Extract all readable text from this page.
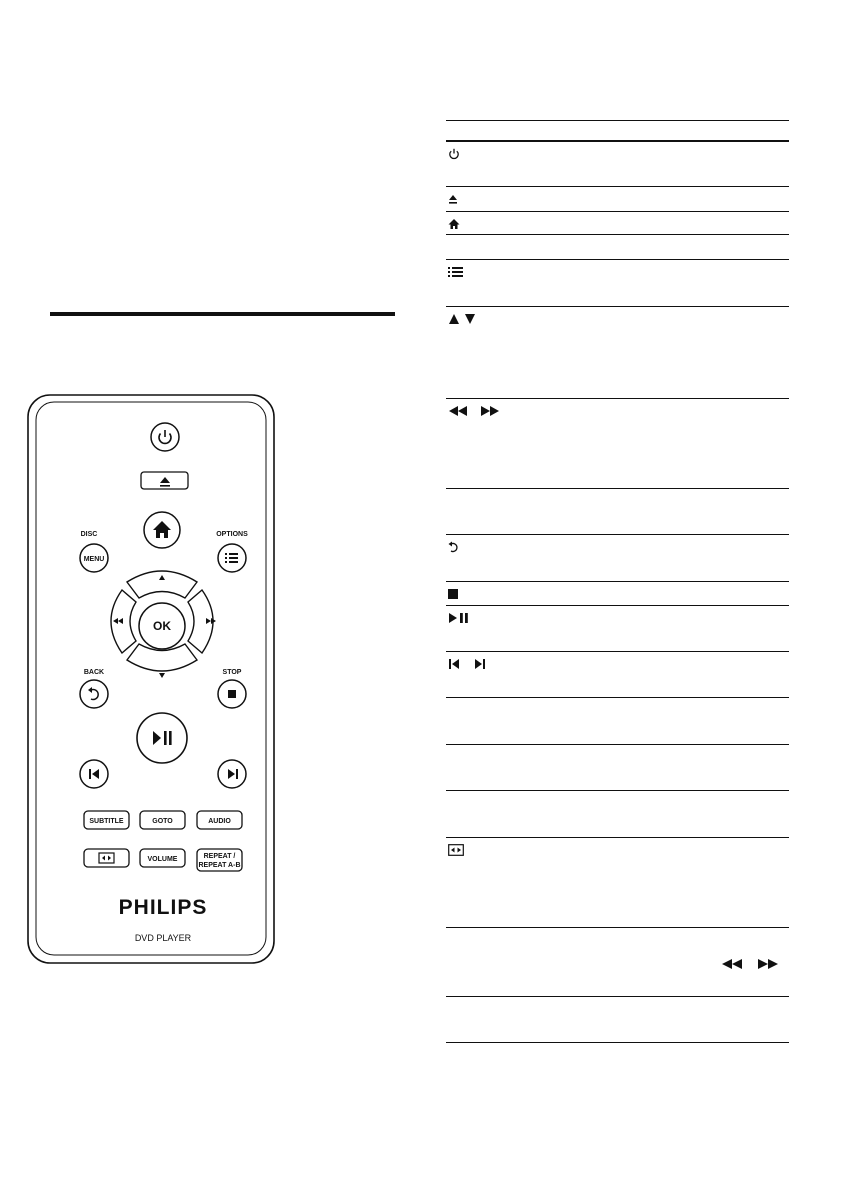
DISC
MENU
OPTIONS
OK
BACK	STOP
SUBTITLE	GOTO	AUDIO
VOLUME	REPEAT /
REPEAT A-B
PHILIPS
DVD PLAYER
